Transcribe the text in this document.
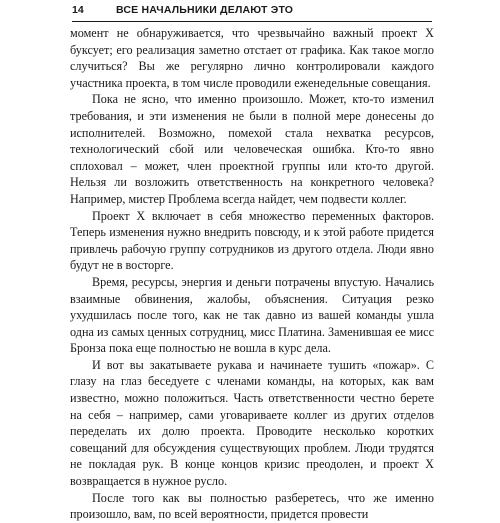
14	ВСЕ НАЧАЛЬНИКИ ДЕЛАЮТ ЭТО

момент не обнаруживается, что чрезвычайно важный проект X буксует; его реализация заметно отстает от графика. Как такое могло случиться? Вы же регулярно лично контролировали каждого участника проекта, в том числе проводили еженедельные совещания.

Пока не ясно, что именно произошло. Может, кто-то изменил требования, и эти изменения не были в полной мере донесены до исполнителей. Возможно, помехой стала нехватка ресурсов, технологический сбой или человеческая ошибка. Кто-то явно сплоховал – может, член проектной группы или кто-то другой. Нельзя ли возложить ответственность на конкретного человека? Например, мистер Проблема всегда найдет, чем подвести коллег.

Проект X включает в себя множество переменных факторов. Теперь изменения нужно внедрить повсюду, и к этой работе придется привлечь рабочую группу сотрудников из другого отдела. Люди явно будут не в восторге.

Время, ресурсы, энергия и деньги потрачены впустую. Начались взаимные обвинения, жалобы, объяснения. Ситуация резко ухудшилась после того, как не так давно из вашей команды ушла одна из самых ценных сотрудниц, мисс Платина. Заменившая ее мисс Бронза пока еще полностью не вошла в курс дела.

И вот вы закатываете рукава и начинаете тушить «пожар». С глазу на глаз беседуете с членами команды, на которых, как вам известно, можно положиться. Часть ответственности честно берете на себя – например, сами уговариваете коллег из других отделов переделать их долю проекта. Проводите несколько коротких совещаний для обсуждения существующих проблем. Люди трудятся не покладая рук. В конце концов кризис преодолен, и проект X возвращается в нужное русло.

После того как вы полностью разберетесь, что же именно произошло, вам, по всей вероятности, придется провести
